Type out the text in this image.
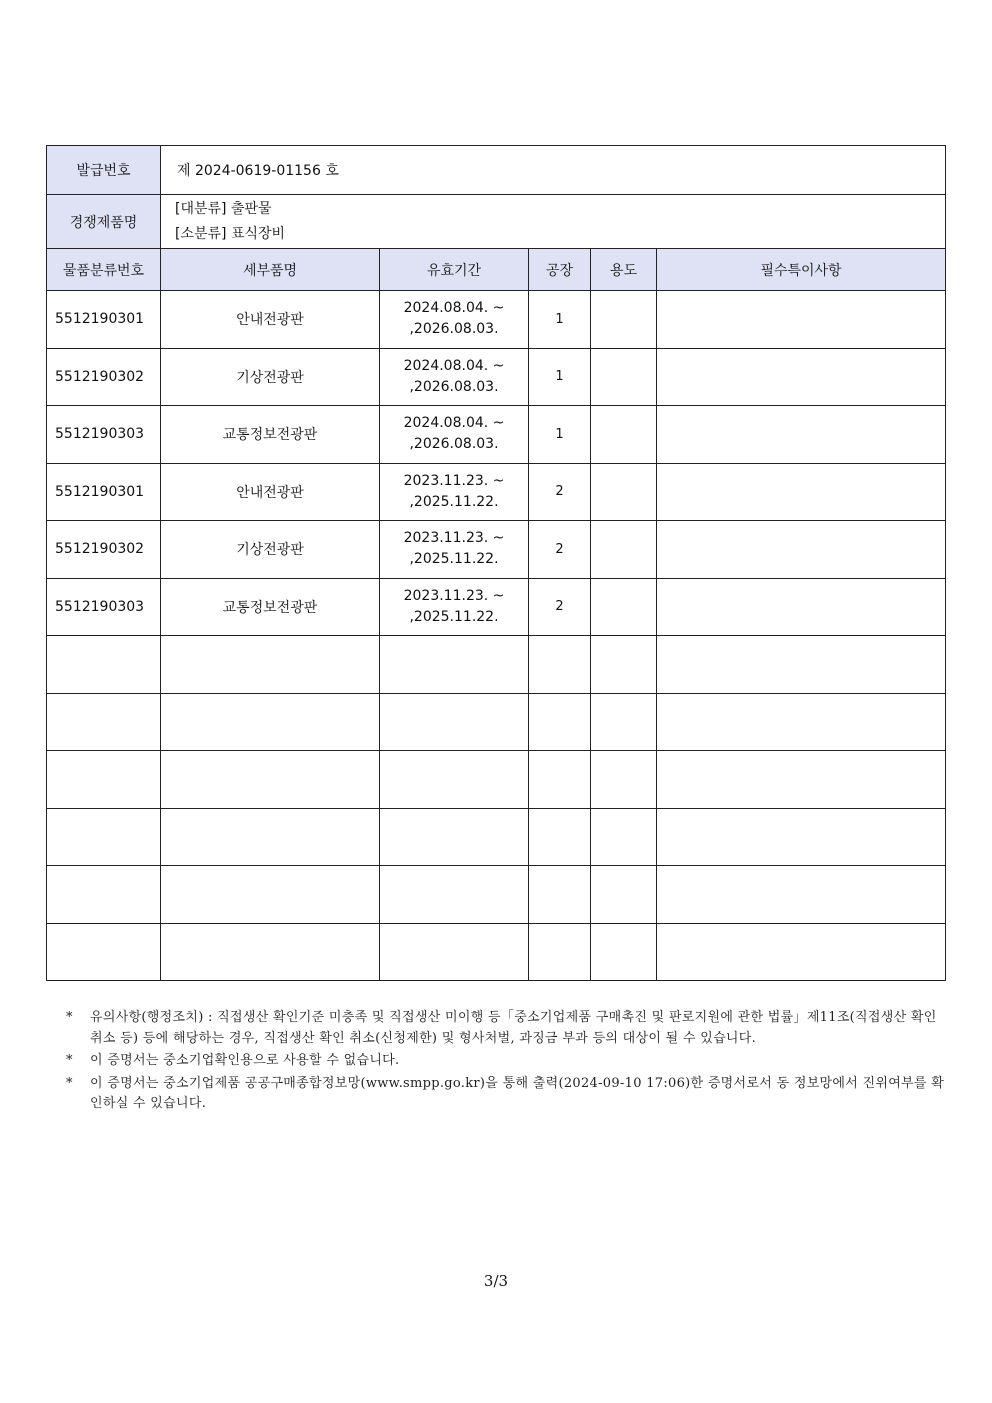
발급번호	제 2024-0619-01156 호				
경쟁제품명	[대분류] 출판물
[소분류] 표식장비				

물품분류번호	세부품명	유효기간	공장	용도	필수특이사항
5512190301	안내전광판	2024.08.04. ~
,2026.08.03.	1		
5512190302	기상전광판	2024.08.04. ~
,2026.08.03.	1		
5512190303	교통정보전광판	2024.08.04. ~
,2026.08.03.	1		
5512190301	안내전광판	2023.11.23. ~
,2025.11.22.	2		
5512190302	기상전광판	2023.11.23. ~
,2025.11.22.	2		
5512190303	교통정보전광판	2023.11.23. ~
,2025.11.22.	2		

*	유의사항(행정조치) : 직접생산 확인기준 미충족 및 직접생산 미이행 등「중소기업제품 구매촉진 및 판로지원에 관한 법률」제11조(직접생산 확인 취소 등) 등에 해당하는 경우, 직접생산 확인 취소(신청제한) 및 형사처벌, 과징금 부과 등의 대상이 될 수 있습니다.
*	이 증명서는 중소기업확인용으로 사용할 수 없습니다.
*	이 증명서는 중소기업제품 공공구매종합정보망(www.smpp.go.kr)을 통해 출력(2024-09-10 17:06)한 증명서로서 동 정보망에서 진위여부를 확인하실 수 있습니다.
3/3
